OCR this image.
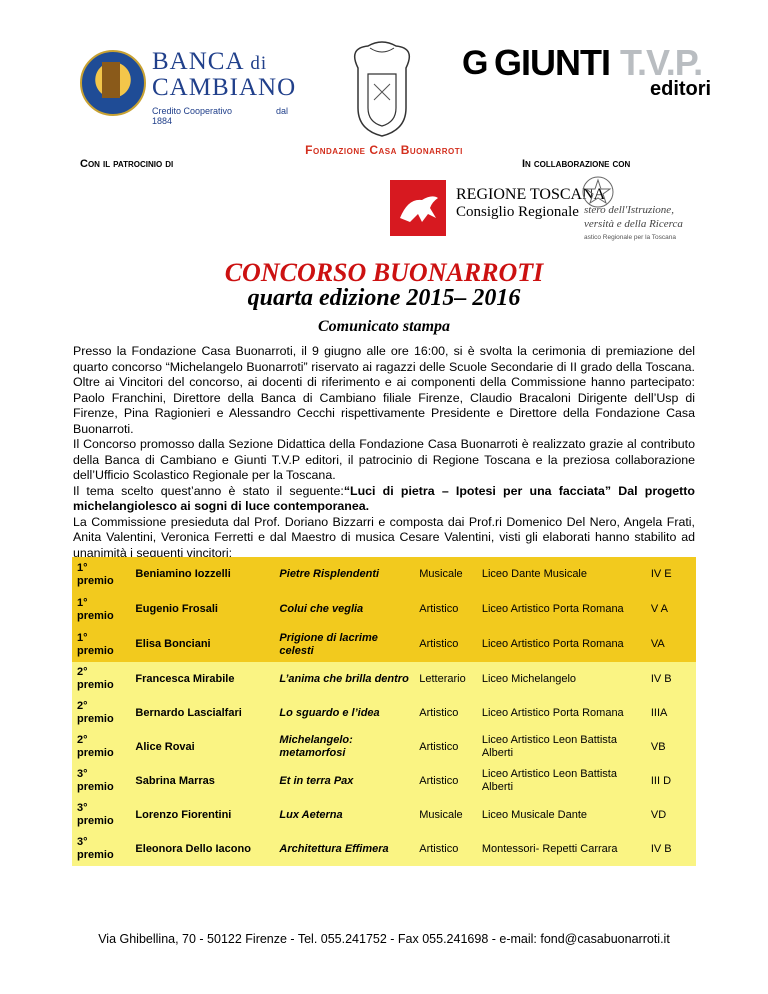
BANCA di
CAMBIANO
Credito Cooperativo	dal 1884
G GIUNTI T.V.P.
editori
Fondazione Casa Buonarroti
Con il patrocinio di	In collaborazione con
REGIONE TOSCANA
Consiglio Regionale stero dell'Istruzione,
versità e della Ricerca
astico Regionale per la Toscana
CONCORSO BUONARROTI
quarta edizione 2015– 2016
Comunicato stampa

Presso la Fondazione Casa Buonarroti, il 9 giugno alle ore 16:00, si è svolta la cerimonia di premiazione del quarto concorso “Michelangelo Buonarroti” riservato ai ragazzi delle Scuole Secondarie di II grado della Toscana. Oltre ai Vincitori del concorso, ai docenti di riferimento e ai componenti della Commissione hanno partecipato: Paolo Franchini, Direttore della Banca di Cambiano filiale Firenze, Claudio Bracaloni Dirigente dell’Usp di Firenze, Pina Ragionieri e Alessandro Cecchi rispettivamente Presidente e Direttore della Fondazione Casa Buonarroti.

Il Concorso promosso dalla Sezione Didattica della Fondazione Casa Buonarroti è realizzato grazie al contributo della Banca di Cambiano e Giunti T.V.P editori, il patrocinio di Regione Toscana e la preziosa collaborazione dell’Ufficio Scolastico Regionale per la Toscana.

Il tema scelto quest’anno è stato il seguente:“Luci di pietra – Ipotesi per una facciata” Dal progetto michelangiolesco ai sogni di luce contemporanea.

La Commissione presieduta dal Prof. Doriano Bizzarri e composta dai Prof.ri Domenico Del Nero, Angela Frati, Anita Valentini, Veronica Ferretti e dal Maestro di musica Cesare Valentini, visti gli elaborati hanno stabilito ad unanimità i seguenti vincitori:

1° premio	Beniamino Iozzelli	Pietre Risplendenti	Musicale	Liceo Dante Musicale	IV E
1° premio	Eugenio Frosali	Colui che veglia	Artistico	Liceo Artistico Porta Romana	V A
1° premio	Elisa Bonciani	Prigione di lacrime celesti	Artistico	Liceo Artistico Porta Romana	VA
2° premio	Francesca Mirabile	L’anima che brilla dentro	Letterario	Liceo Michelangelo	IV B
2° premio	Bernardo Lascialfari	Lo sguardo e l’idea	Artistico	Liceo Artistico Porta Romana	IIIA
2° premio	Alice Rovai	Michelangelo: metamorfosi	Artistico	Liceo Artistico Leon Battista Alberti	VB
3° premio	Sabrina Marras	Et in terra Pax	Artistico	Liceo Artistico Leon Battista Alberti	III D
3° premio	Lorenzo Fiorentini	Lux Aeterna	Musicale	Liceo Musicale Dante	VD
3° premio	Eleonora Dello Iacono	Architettura Effimera	Artistico	Montessori- Repetti Carrara	IV B
Via Ghibellina, 70 - 50122 Firenze - Tel. 055.241752 - Fax 055.241698 - e-mail: fond@casabuonarroti.it
